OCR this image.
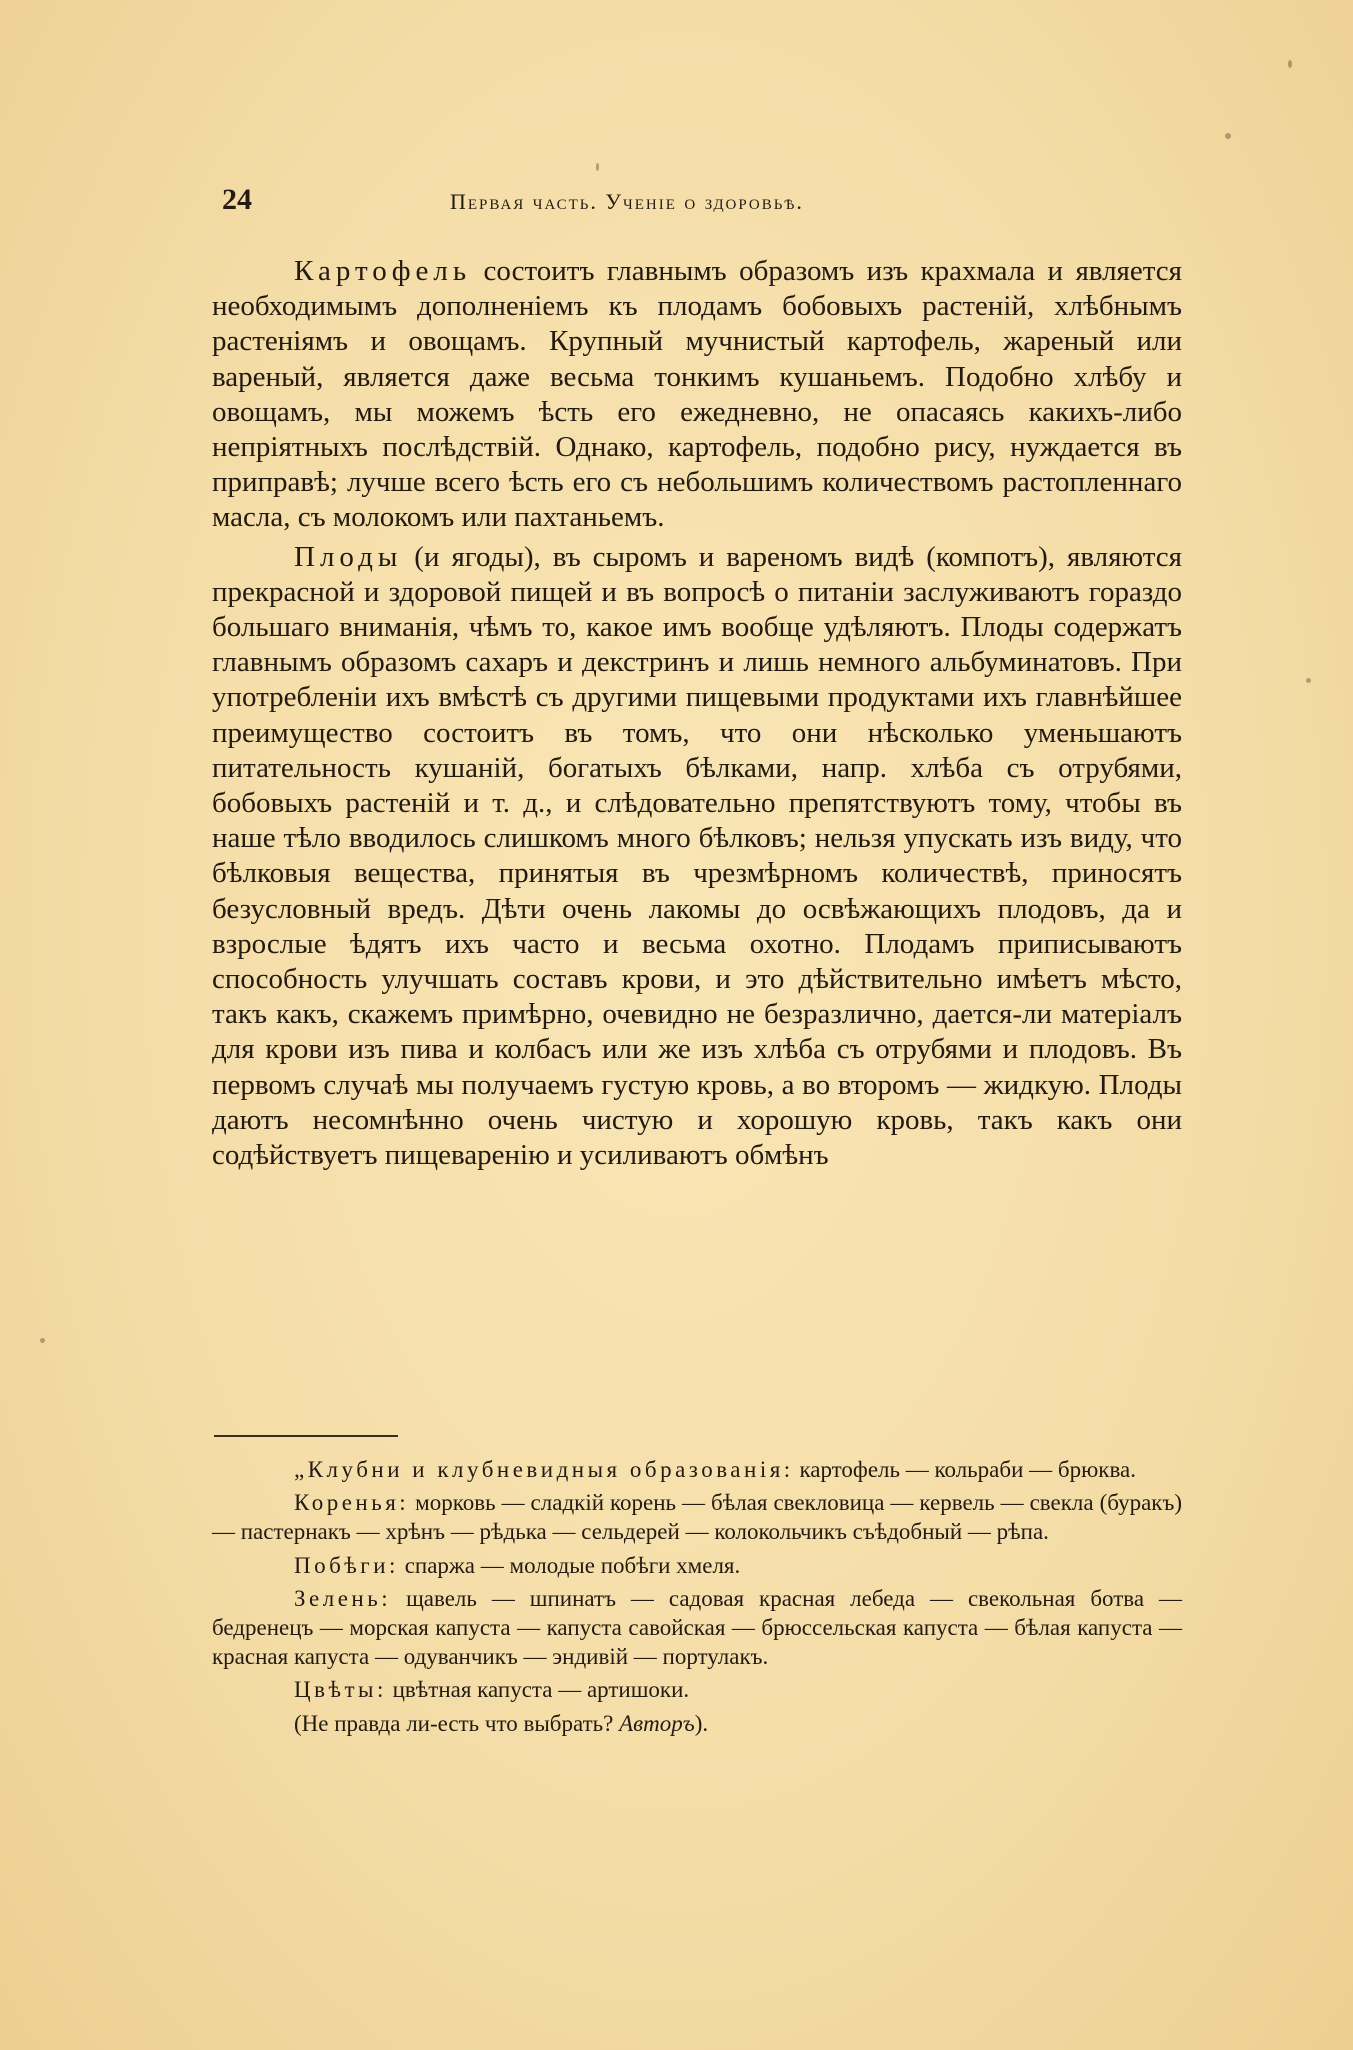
24	Первая часть. Ученіе о здоровьѣ.

Картофель состоитъ главнымъ образомъ изъ крахмала и является необходимымъ дополненіемъ къ плодамъ бобовыхъ растеній, хлѣбнымъ растеніямъ и овощамъ. Крупный мучнистый картофель, жареный или вареный, является даже весьма тонкимъ кушаньемъ. Подобно хлѣбу и овощамъ, мы можемъ ѣсть его ежедневно, не опасаясь какихъ-либо непріятныхъ послѣдствій. Однако, картофель, подобно рису, нуждается въ приправѣ; лучше всего ѣсть его съ небольшимъ количествомъ растопленнаго масла, съ молокомъ или пахтаньемъ.

Плоды (и ягоды), въ сыромъ и вареномъ видѣ (компотъ), являются прекрасной и здоровой пищей и въ вопросѣ о питаніи заслуживаютъ гораздо большаго вниманія, чѣмъ то, какое имъ вообще удѣляютъ. Плоды содержатъ главнымъ образомъ сахаръ и декстринъ и лишь немного альбуминатовъ. При употребленіи ихъ вмѣстѣ съ другими пищевыми продуктами ихъ главнѣйшее преимущество состоитъ въ томъ, что они нѣсколько уменьшаютъ питательность кушаній, богатыхъ бѣлками, напр. хлѣба съ отрубями, бобовыхъ растеній и т. д., и слѣдовательно препятствуютъ тому, чтобы въ наше тѣло вводилось слишкомъ много бѣлковъ; нельзя упускать изъ виду, что бѣлковыя вещества, принятыя въ чрезмѣрномъ количествѣ, приносятъ безусловный вредъ. Дѣти очень лакомы до освѣжающихъ плодовъ, да и взрослые ѣдятъ ихъ часто и весьма охотно. Плодамъ приписываютъ способность улучшать составъ крови, и это дѣйствительно имѣетъ мѣсто, такъ какъ, скажемъ примѣрно, очевидно не безразлично, дается-ли матеріалъ для крови изъ пива и колбасъ или же изъ хлѣба съ отрубями и плодовъ. Въ первомъ случаѣ мы получаемъ густую кровь, а во второмъ — жидкую. Плоды даютъ несомнѣнно очень чистую и хорошую кровь, такъ какъ они содѣйствуетъ пищеваренію и усиливаютъ обмѣнъ

„Клубни и клубневидныя образованія: картофель — кольраби — брюква.

Коренья: морковь — сладкій корень — бѣлая свекловица — кервель — свекла (буракъ) — пастернакъ — хрѣнъ — рѣдька — сельдерей — колокольчикъ съѣдобный — рѣпа.

Побѣги: спаржа — молодые побѣги хмеля.

Зелень: щавель — шпинатъ — садовая красная лебеда — свекольная ботва — бедренецъ — морская капуста — капуста савойская — брюссельская капуста — бѣлая капуста — красная капуста — одуванчикъ — эндивій — портулакъ.

Цвѣты: цвѣтная капуста — артишоки.

(Не правда ли-есть что выбрать? Авторъ).
